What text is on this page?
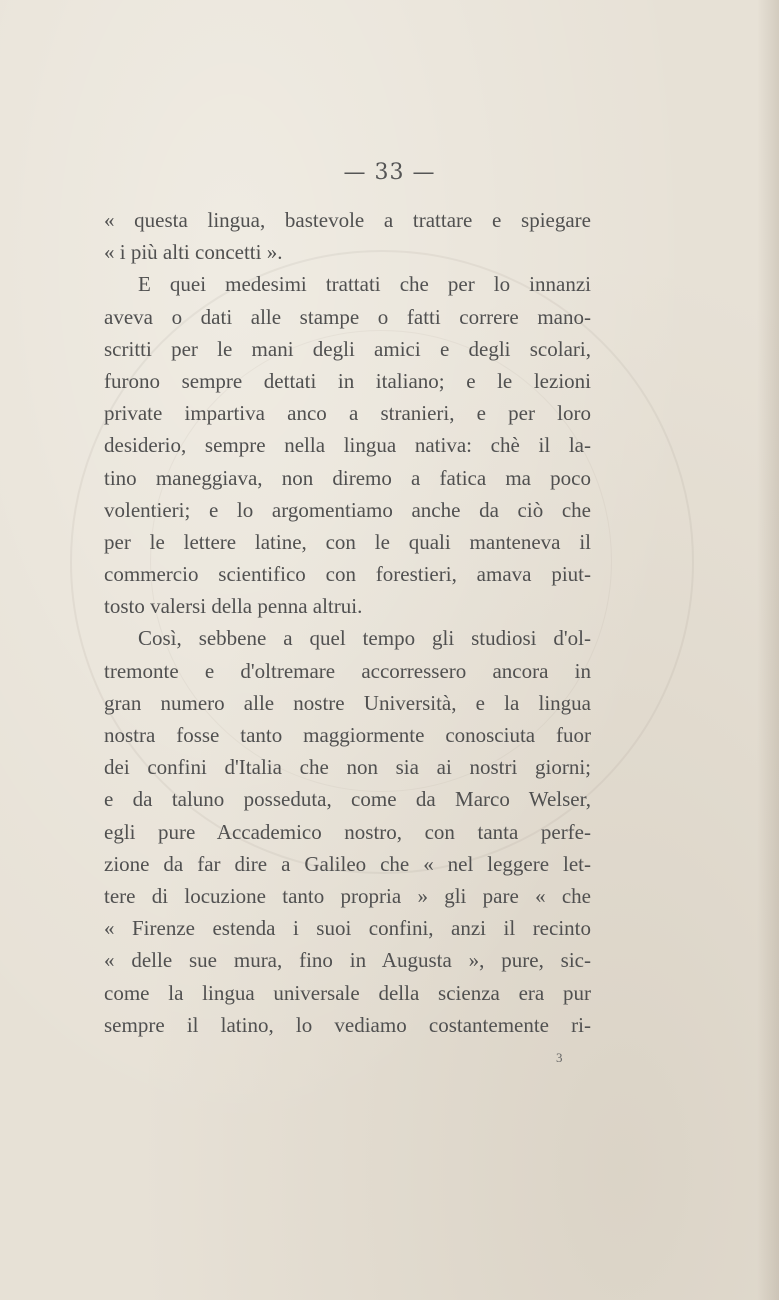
— 33 —
« questa lingua, bastevole a trattare e spiegare
« i più alti concetti ».
E quei medesimi trattati che per lo innanzi
aveva o dati alle stampe o fatti correre mano-
scritti per le mani degli amici e degli scolari,
furono sempre dettati in italiano; e le lezioni
private impartiva anco a stranieri, e per loro
desiderio, sempre nella lingua nativa: chè il la-
tino maneggiava, non diremo a fatica ma poco
volentieri; e lo argomentiamo anche da ciò che
per le lettere latine, con le quali manteneva il
commercio scientifico con forestieri, amava piut-
tosto valersi della penna altrui.
Così, sebbene a quel tempo gli studiosi d'ol-
tremonte e d'oltremare accorressero ancora in
gran numero alle nostre Università, e la lingua
nostra fosse tanto maggiormente conosciuta fuor
dei confini d'Italia che non sia ai nostri giorni;
e da taluno posseduta, come da Marco Welser,
egli pure Accademico nostro, con tanta perfe-
zione da far dire a Galileo che « nel leggere let-
tere di locuzione tanto propria » gli pare « che
« Firenze estenda i suoi confini, anzi il recinto
« delle sue mura, fino in Augusta », pure, sic-
come la lingua universale della scienza era pur
sempre il latino, lo vediamo costantemente ri-
3
